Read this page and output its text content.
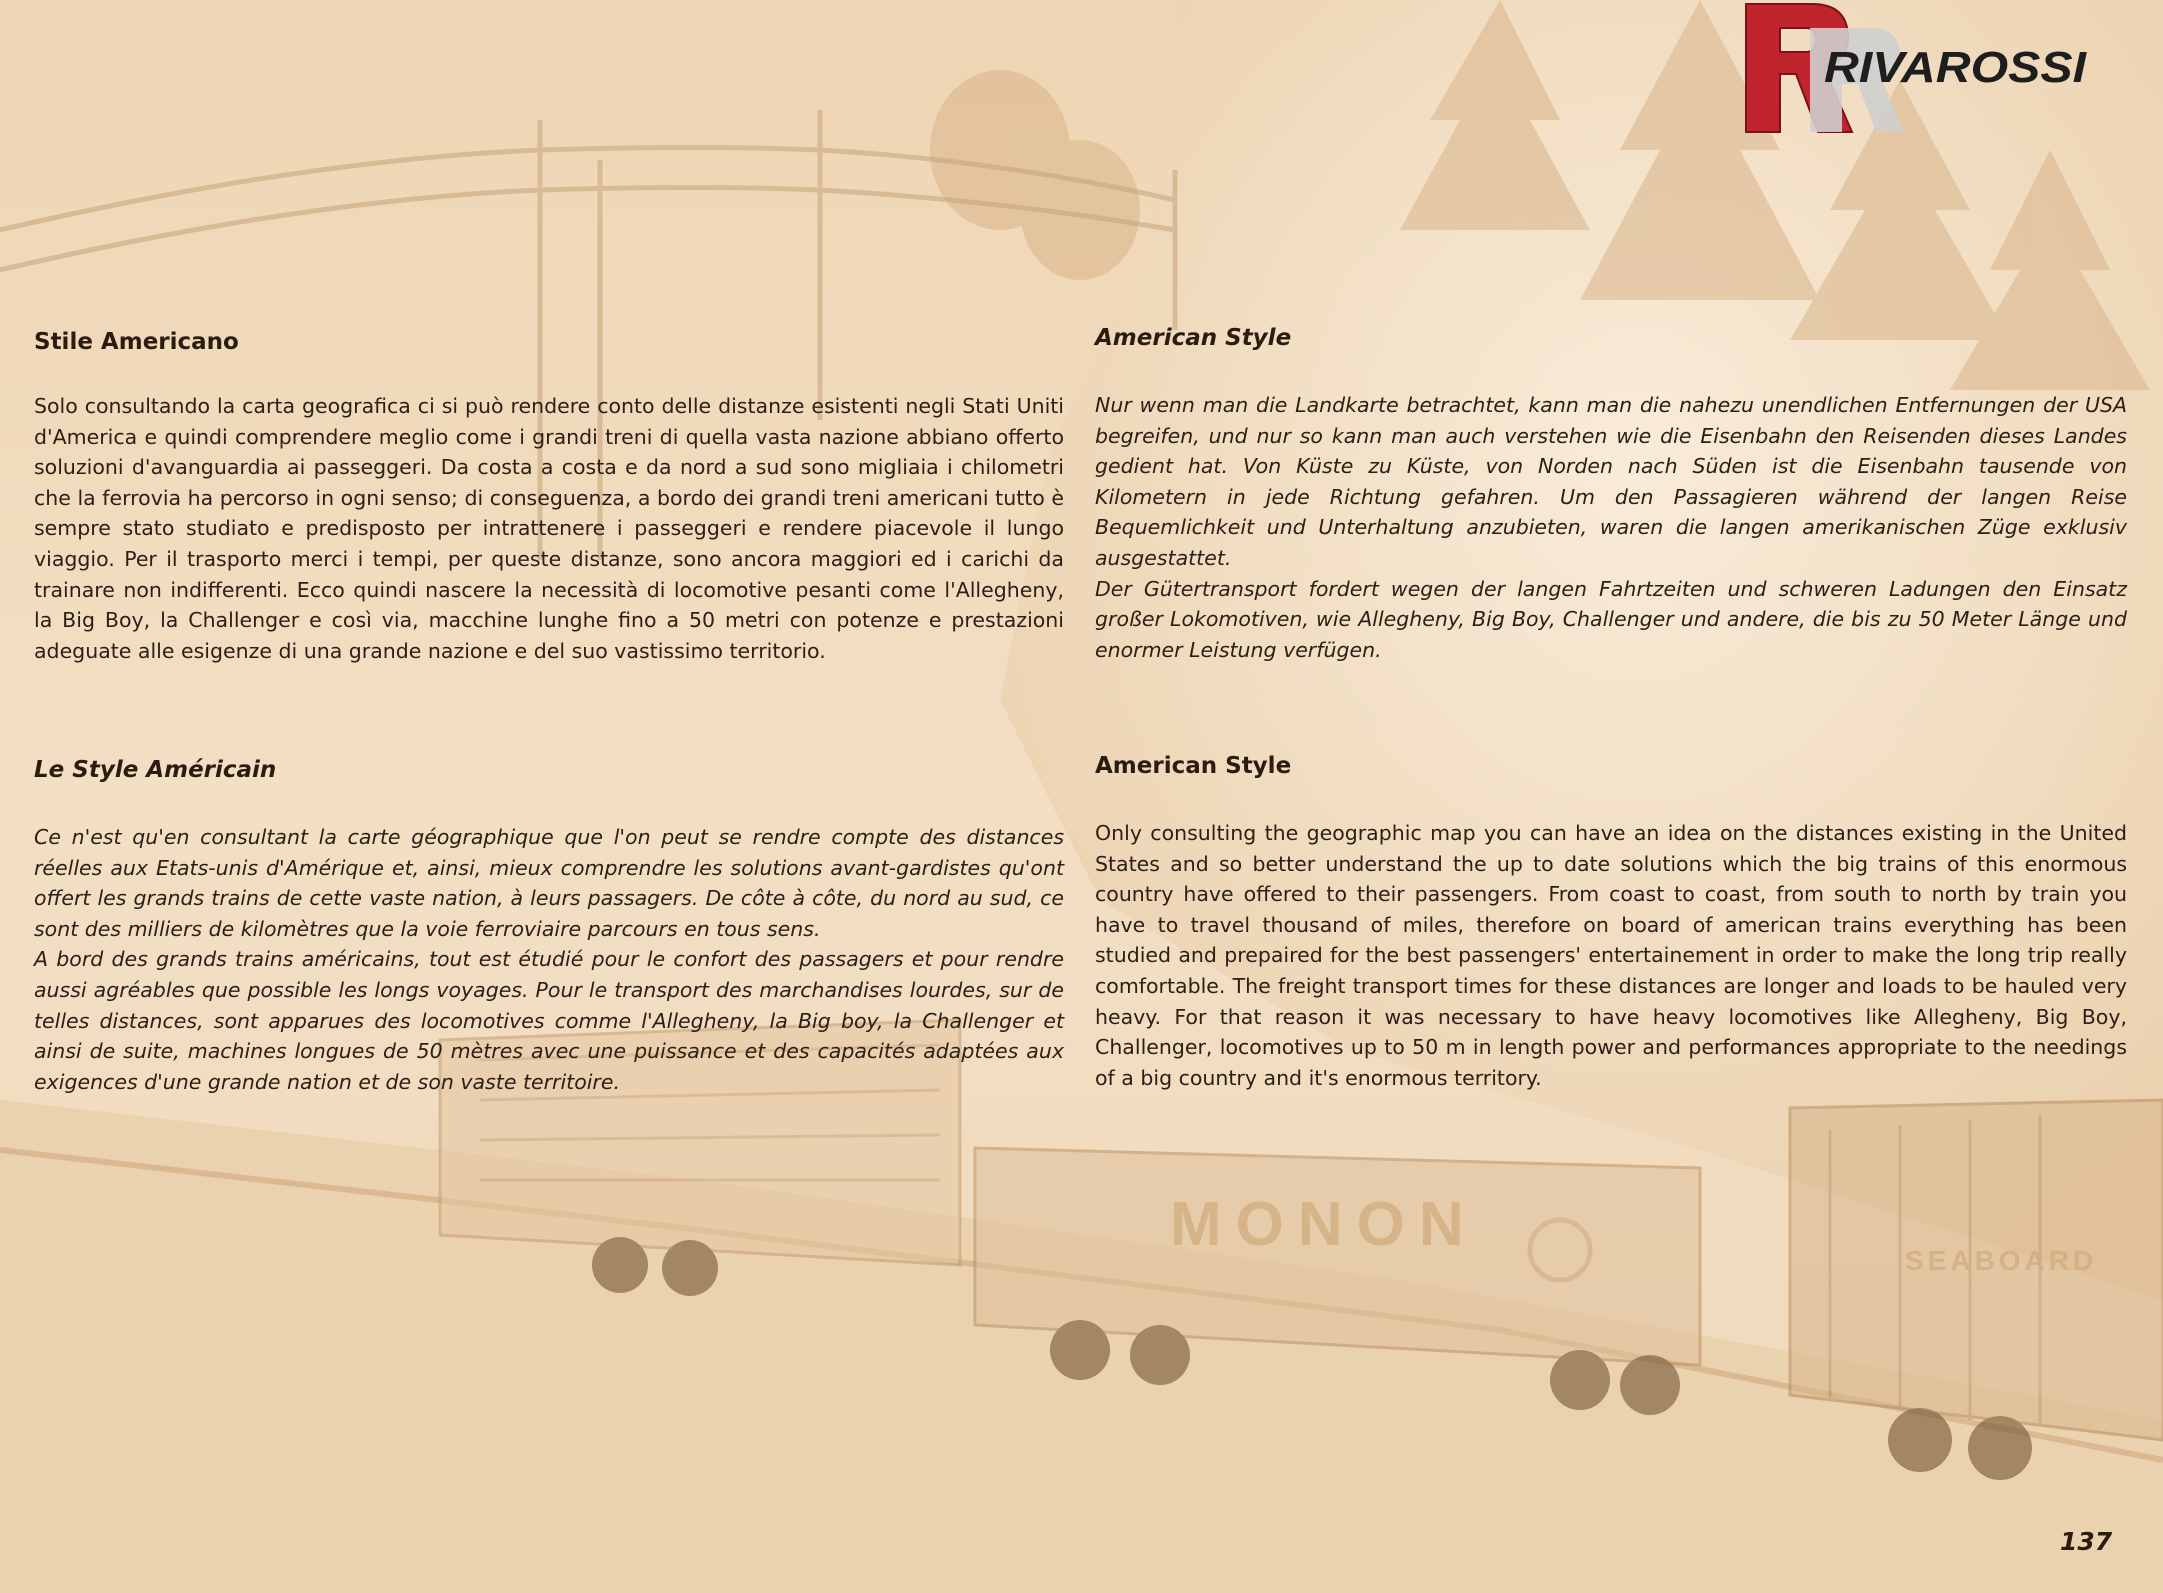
MONON
SEABOARD
RIVAROSSI
Stile Americano

Solo consultando la carta geografica ci si può rendere conto delle distanze esistenti negli Stati Uniti d'America e quindi comprendere meglio come i grandi treni di quella vasta nazione abbiano offerto soluzioni d'avanguardia ai passeggeri. Da costa a costa e da nord a sud sono migliaia i chilometri che la ferrovia ha percorso in ogni senso; di conseguenza, a bordo dei grandi treni americani tutto è sempre stato studiato e predisposto per intrattenere i passeggeri e rendere piacevole il lungo viaggio. Per il trasporto merci i tempi, per queste distanze, sono ancora maggiori ed i carichi da trainare non indifferenti. Ecco quindi nascere la necessità di locomotive pesanti come l'Allegheny, la Big Boy, la Challenger e così via, macchine lunghe fino a 50 metri con potenze e prestazioni adeguate alle esigenze di una grande nazione e del suo vastissimo territorio.

American Style

Nur wenn man die Landkarte betrachtet, kann man die nahezu unendlichen Entfernungen der USA begreifen, und nur so kann man auch verstehen wie die Eisenbahn den Reisenden dieses Landes gedient hat. Von Küste zu Küste, von Norden nach Süden ist die Eisenbahn tausende von Kilometern in jede Richtung gefahren. Um den Passagieren während der langen Reise Bequemlichkeit und Unterhaltung anzubieten, waren die langen amerikanischen Züge exklusiv ausgestattet.

Der Gütertransport fordert wegen der langen Fahrtzeiten und schweren Ladungen den Einsatz großer Lokomotiven, wie Allegheny, Big Boy, Challenger und andere, die bis zu 50 Meter Länge und enormer Leistung verfügen.

Le Style Américain

Ce n'est qu'en consultant la carte géographique que l'on peut se rendre compte des distances réelles aux Etats-unis d'Amérique et, ainsi, mieux comprendre les solutions avant-gardistes qu'ont offert les grands trains de cette vaste nation, à leurs passagers. De côte à côte, du nord au sud, ce sont des milliers de kilomètres que la voie ferroviaire parcours en tous sens.

A bord des grands trains américains, tout est étudié pour le confort des passagers et pour rendre aussi agréables que possible les longs voyages. Pour le transport des marchandises lourdes, sur de telles distances, sont apparues des locomotives comme l'Allegheny, la Big boy, la Challenger et ainsi de suite, machines longues de 50 mètres avec une puissance et des capacités adaptées aux exigences d'une grande nation et de son vaste territoire.

American Style

Only consulting the geographic map you can have an idea on the distances existing in the United States and so better understand the up to date solutions which the big trains of this enormous country have offered to their passengers. From coast to coast, from south to north by train you have to travel thousand of miles, therefore on board of american trains everything has been studied and prepaired for the best passengers' entertainement in order to make the long trip really comfortable. The freight transport times for these distances are longer and loads to be hauled very heavy. For that reason it was necessary to have heavy locomotives like Allegheny, Big Boy, Challenger, locomotives up to 50 m in length power and performances appropriate to the needings of a big country and it's enormous territory.

137
